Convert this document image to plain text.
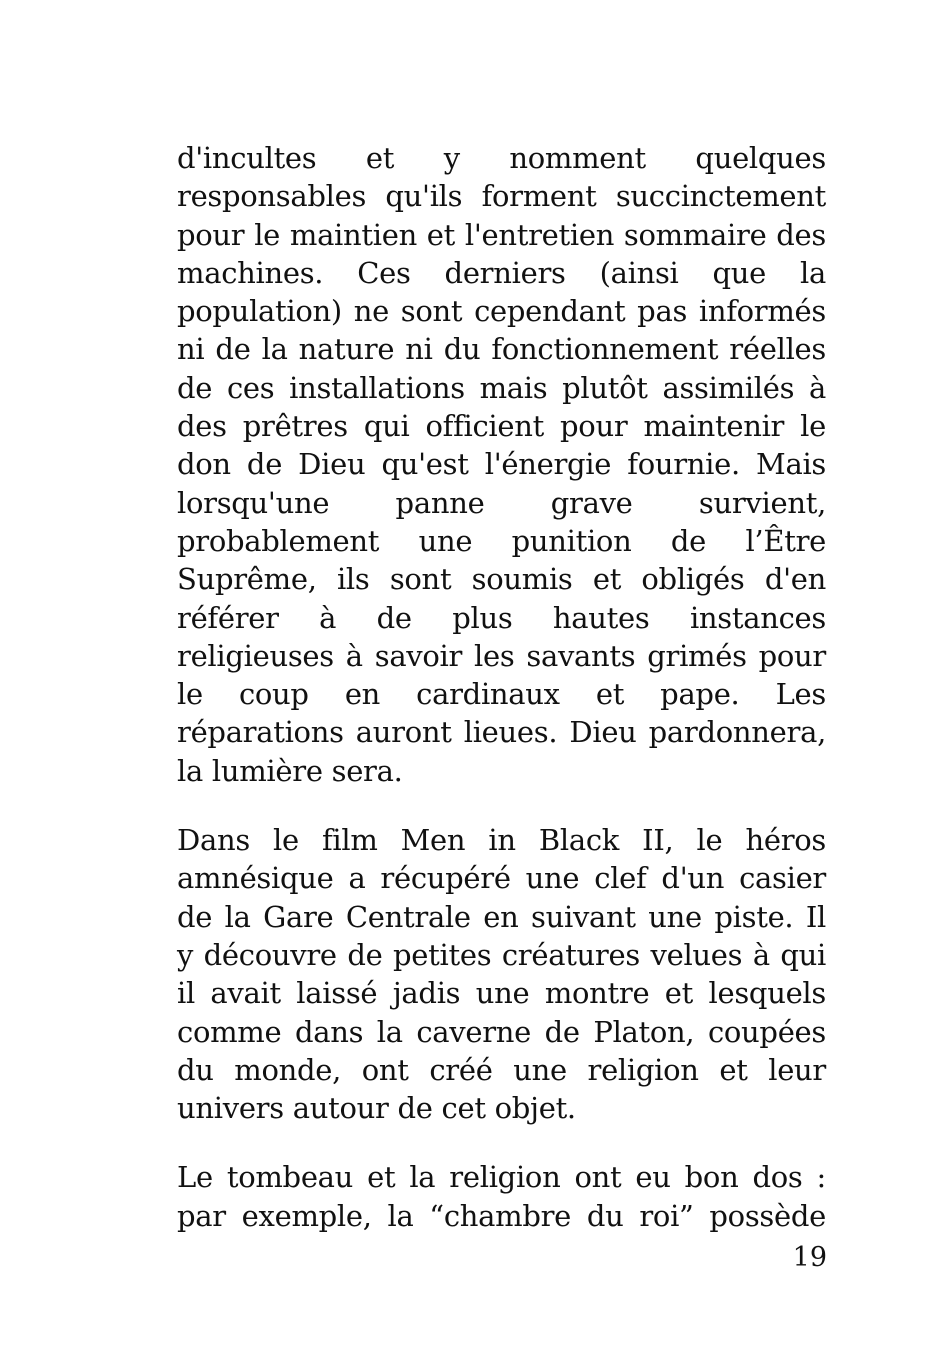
d'incultes et y nomment quelques
responsables qu'ils forment succinctement
pour le maintien et l'entretien sommaire des
machines. Ces derniers (ainsi que la
population) ne sont cependant pas informés
ni de la nature ni du fonctionnement réelles
de ces installations mais plutôt assimilés à
des prêtres qui officient pour maintenir le
don de Dieu qu'est l'énergie fournie. Mais
lorsqu'une panne grave survient,
probablement une punition de l’Être
Suprême, ils sont soumis et obligés d'en
référer à de plus hautes instances
religieuses à savoir les savants grimés pour
le coup en cardinaux et pape. Les
réparations auront lieues. Dieu pardonnera,
la lumière sera.
Dans le film Men in Black II, le héros
amnésique a récupéré une clef d'un casier
de la Gare Centrale en suivant une piste. Il
y découvre de petites créatures velues à qui
il avait laissé jadis une montre et lesquels
comme dans la caverne de Platon, coupées
du monde, ont créé une religion et leur
univers autour de cet objet.
Le tombeau et la religion ont eu bon dos :
par exemple, la “chambre du roi” possède
19
